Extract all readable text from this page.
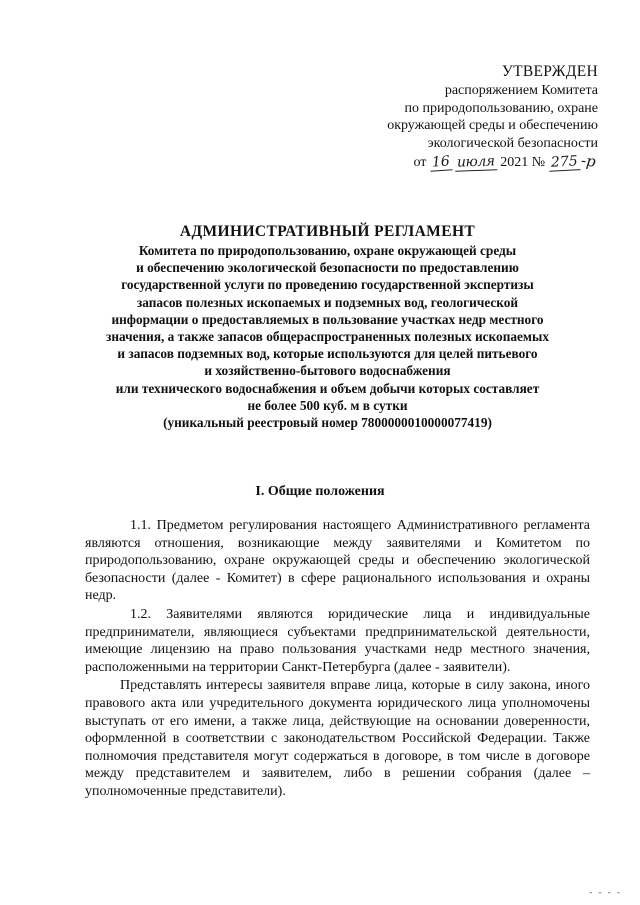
УТВЕРЖДЕН
распоряжением Комитета
по природопользованию, охране
окружающей среды и обеспечению
экологической безопасности
от 16 июля 2021 № 275 -р
АДМИНИСТРАТИВНЫЙ РЕГЛАМЕНТ
Комитета по природопользованию, охране окружающей среды
и обеспечению экологической безопасности по предоставлению
государственной услуги по проведению государственной экспертизы
запасов полезных ископаемых и подземных вод, геологической
информации о предоставляемых в пользование участках недр местного
значения, а также запасов общераспространенных полезных ископаемых
и запасов подземных вод, которые используются для целей питьевого
и хозяйственно-бытового водоснабжения
или технического водоснабжения и объем добычи которых составляет
не более 500 куб. м в сутки
(уникальный реестровый номер 7800000010000077419)
I. Общие положения

1.1. Предметом регулирования настоящего Административного регламента являются отношения, возникающие между заявителями и Комитетом по природопользованию, охране окружающей среды и обеспечению экологической безопасности (далее - Комитет) в сфере рационального использования и охраны недр.

1.2. Заявителями являются юридические лица и индивидуальные предприниматели, являющиеся субъектами предпринимательской деятельности, имеющие лицензию на право пользования участками недр местного значения, расположенными на территории Санкт-Петербурга (далее - заявители).

Представлять интересы заявителя вправе лица, которые в силу закона, иного правового акта или учредительного документа юридического лица уполномочены выступать от его имени, а также лица, действующие на основании доверенности, оформленной в соответствии с законодательством Российской Федерации. Также полномочия представителя могут содержаться в договоре, в том числе в договоре между представителем и заявителем, либо в решении собрания (далее – уполномоченные представители).

- - - -
